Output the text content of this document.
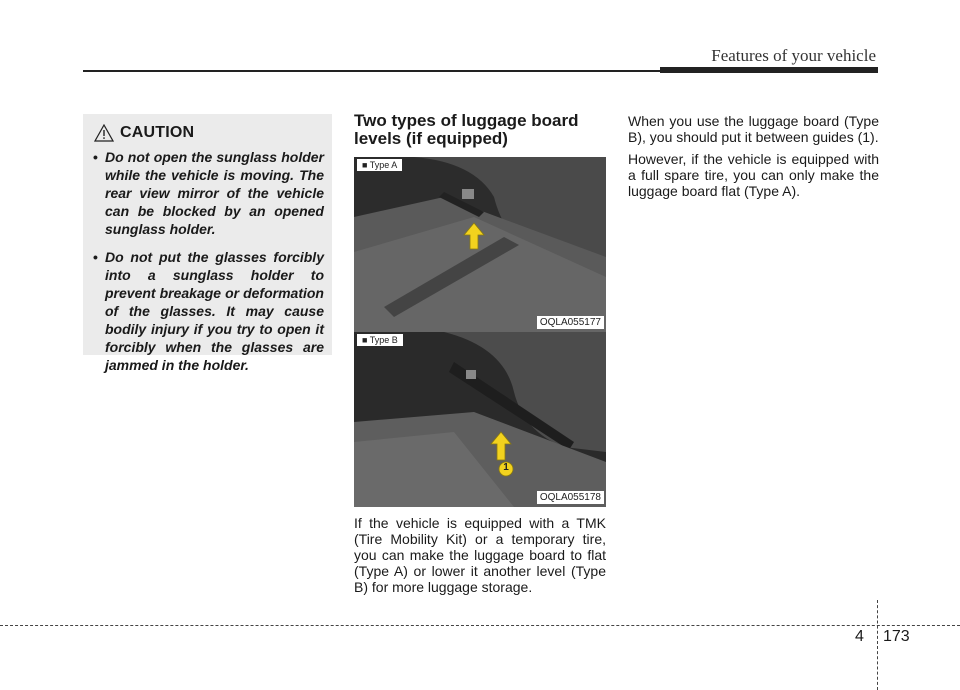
Features of your vehicle
CAUTION
• Do not open the sunglass holder while the vehicle is moving. The rear view mirror of the vehicle can be blocked by an opened sunglass holder.
• Do not put the glasses forcibly into a sunglass holder to prevent breakage or deformation of the glasses. It may cause bodily injury if you try to open it forcibly when the glasses are jammed in the holder.
Two types of luggage board levels (if equipped)
■ Type A
OQLA055177
1
■ Type B
OQLA055178

If the vehicle is equipped with a TMK (Tire Mobility Kit) or a temporary tire, you can make the luggage board to flat (Type A) or lower it another level (Type B) for more luggage storage.

When you use the luggage board (Type B), you should put it between guides (1).

However, if the vehicle is equipped with a full spare tire, you can only make the luggage board flat (Type A).

4 173
